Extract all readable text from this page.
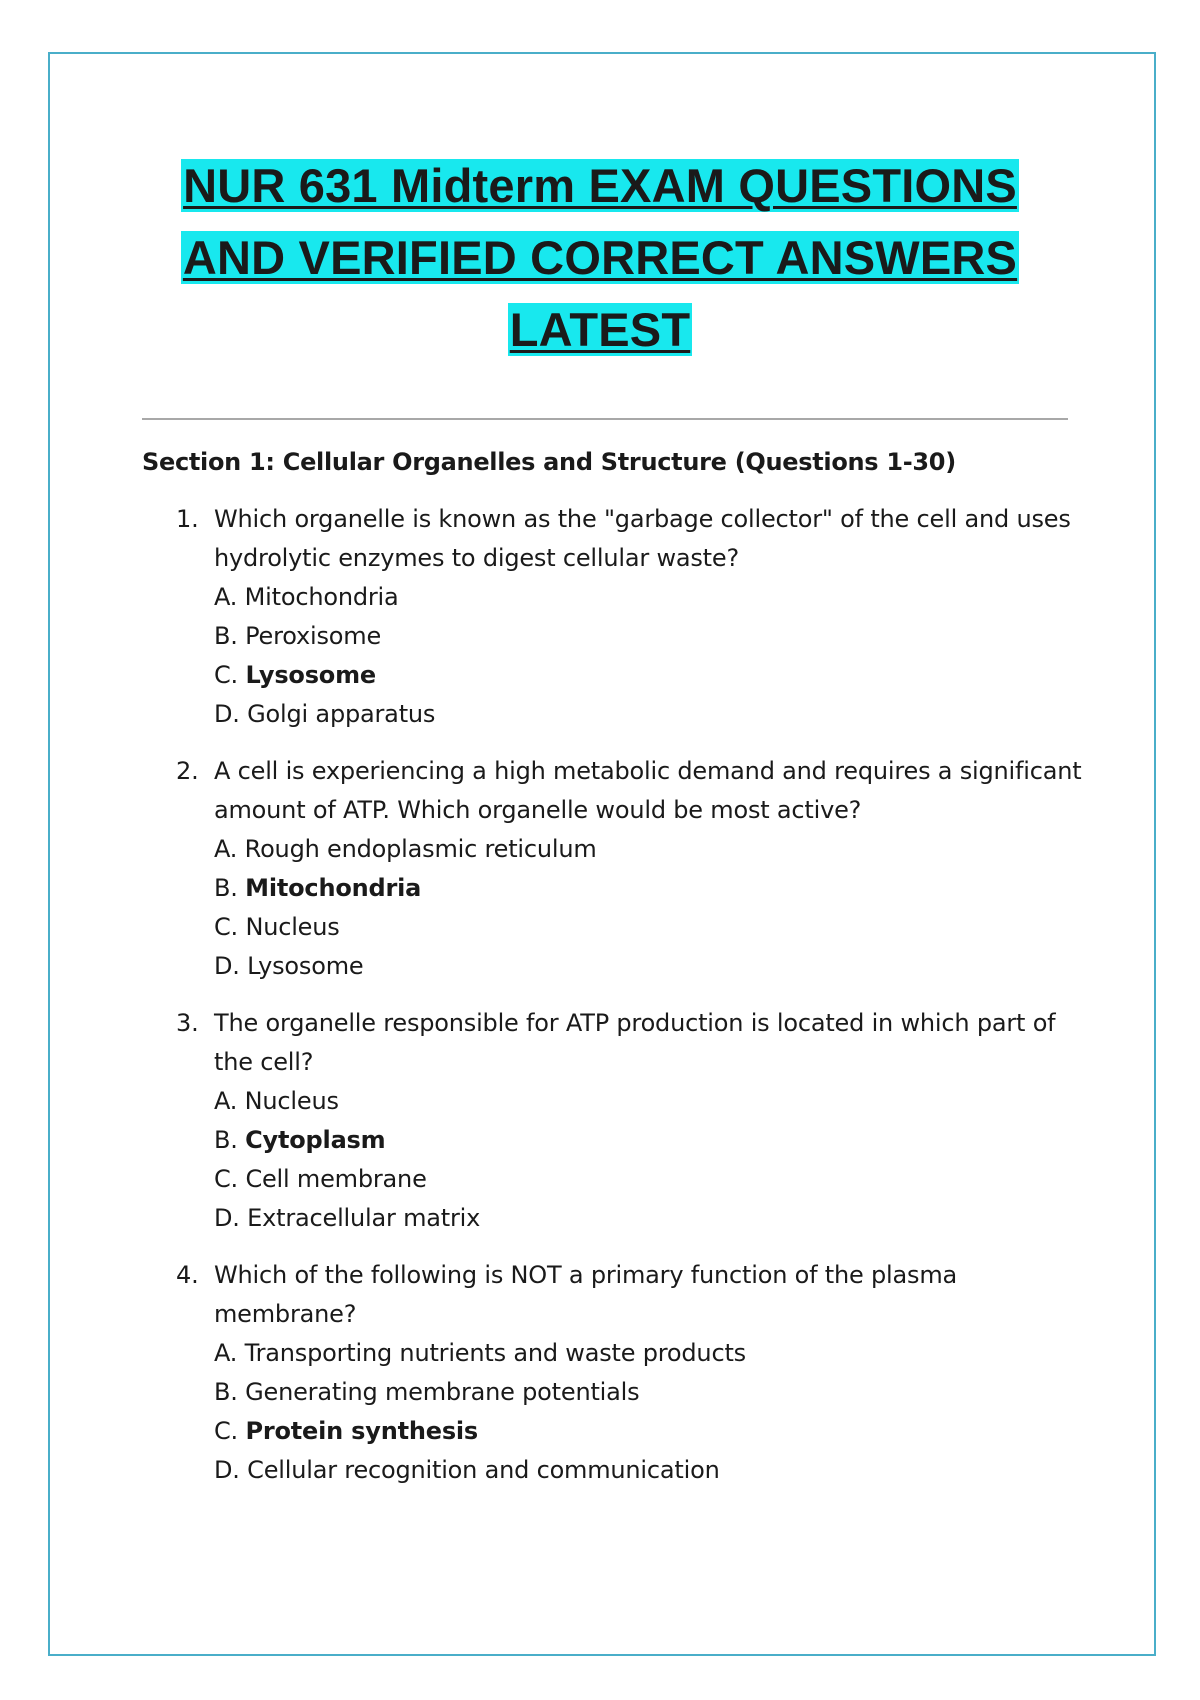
NUR 631 Midterm EXAM QUESTIONS
AND VERIFIED CORRECT ANSWERS
LATEST
Section 1: Cellular Organelles and Structure (Questions 1-30)
1. Which organelle is known as the "garbage collector" of the cell and uses hydrolytic enzymes to digest cellular waste?
A. Mitochondria
B. Peroxisome
C. Lysosome
D. Golgi apparatus
2. A cell is experiencing a high metabolic demand and requires a significant amount of ATP. Which organelle would be most active?
A. Rough endoplasmic reticulum
B. Mitochondria
C. Nucleus
D. Lysosome
3. The organelle responsible for ATP production is located in which part of the cell?
A. Nucleus
B. Cytoplasm
C. Cell membrane
D. Extracellular matrix
4. Which of the following is NOT a primary function of the plasma membrane?
A. Transporting nutrients and waste products
B. Generating membrane potentials
C. Protein synthesis
D. Cellular recognition and communication
